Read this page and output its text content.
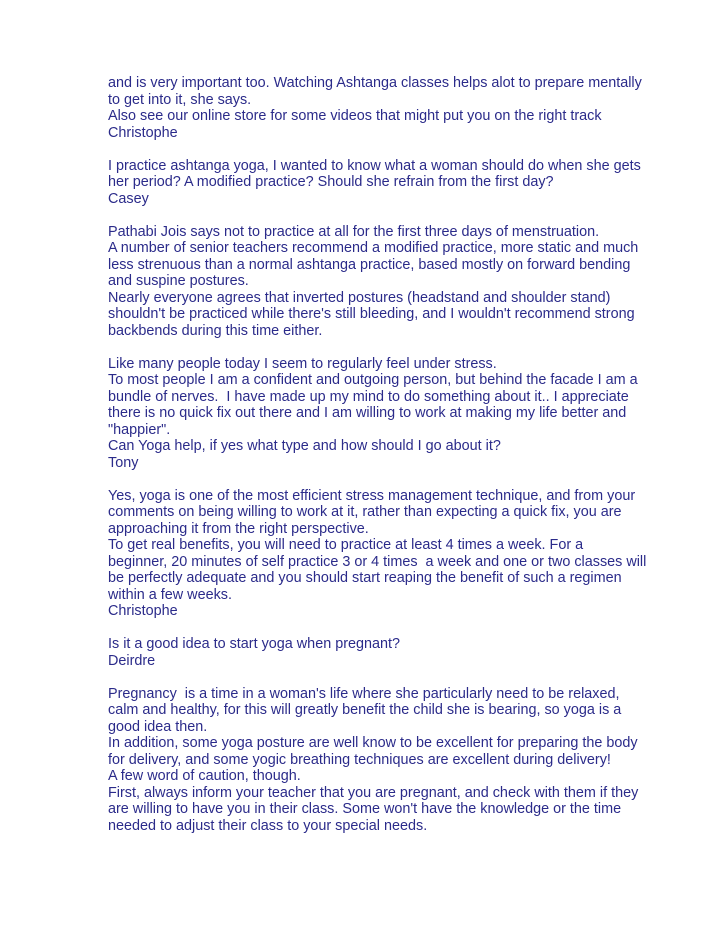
and is very important too. Watching Ashtanga classes helps alot to prepare mentally
to get into it, she says.
Also see our online store for some videos that might put you on the right track
Christophe
I practice ashtanga yoga, I wanted to know what a woman should do when she gets
her period? A modified practice? Should she refrain from the first day?
Casey
Pathabi Jois says not to practice at all for the first three days of menstruation.
A number of senior teachers recommend a modified practice, more static and much
less strenuous than a normal ashtanga practice, based mostly on forward bending
and suspine postures.
Nearly everyone agrees that inverted postures (headstand and shoulder stand)
shouldn't be practiced while there's still bleeding, and I wouldn't recommend strong
backbends during this time either.
Like many people today I seem to regularly feel under stress.
To most people I am a confident and outgoing person, but behind the facade I am a
bundle of nerves.  I have made up my mind to do something about it.. I appreciate
there is no quick fix out there and I am willing to work at making my life better and
"happier".
Can Yoga help, if yes what type and how should I go about it?
Tony
Yes, yoga is one of the most efficient stress management technique, and from your
comments on being willing to work at it, rather than expecting a quick fix, you are
approaching it from the right perspective.
To get real benefits, you will need to practice at least 4 times a week. For a
beginner, 20 minutes of self practice 3 or 4 times  a week and one or two classes will
be perfectly adequate and you should start reaping the benefit of such a regimen
within a few weeks.
Christophe
Is it a good idea to start yoga when pregnant?
Deirdre
Pregnancy  is a time in a woman's life where she particularly need to be relaxed,
calm and healthy, for this will greatly benefit the child she is bearing, so yoga is a
good idea then.
In addition, some yoga posture are well know to be excellent for preparing the body
for delivery, and some yogic breathing techniques are excellent during delivery!
A few word of caution, though.
First, always inform your teacher that you are pregnant, and check with them if they
are willing to have you in their class. Some won't have the knowledge or the time
needed to adjust their class to your special needs.
